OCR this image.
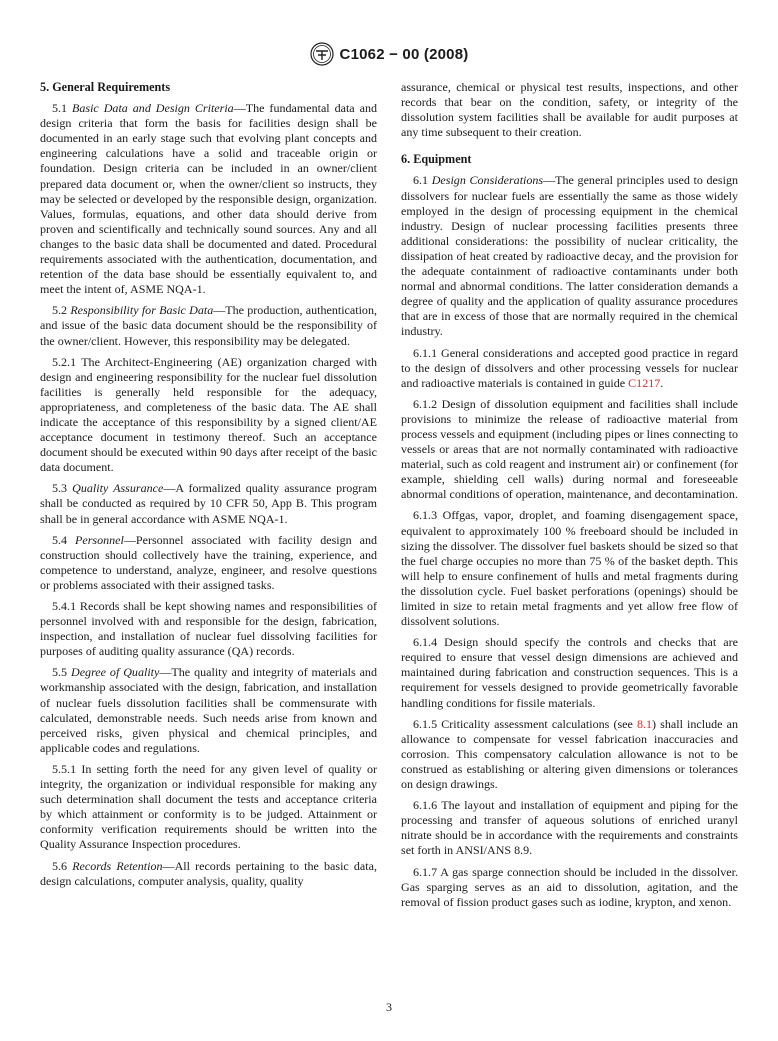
C1062 − 00 (2008)
5. General Requirements

5.1 Basic Data and Design Criteria—The fundamental data and design criteria that form the basis for facilities design shall be documented in an early stage such that evolving plant concepts and engineering calculations have a solid and traceable origin or foundation. Design criteria can be included in an owner/client prepared data document or, when the owner/client so instructs, they may be selected or developed by the responsible design, organization. Values, formulas, equations, and other data should derive from proven and scientifically and technically sound sources. Any and all changes to the basic data shall be documented and dated. Procedural requirements associated with the authentication, documentation, and retention of the data base should be essentially equivalent to, and meet the intent of, ASME NQA-1.

5.2 Responsibility for Basic Data—The production, authentication, and issue of the basic data document should be the responsibility of the owner/client. However, this responsibility may be delegated.

5.2.1 The Architect-Engineering (AE) organization charged with design and engineering responsibility for the nuclear fuel dissolution facilities is generally held responsible for the adequacy, appropriateness, and completeness of the basic data. The AE shall indicate the acceptance of this responsibility by a signed client/AE acceptance document in testimony thereof. Such an acceptance document should be executed within 90 days after receipt of the basic data document.

5.3 Quality Assurance—A formalized quality assurance program shall be conducted as required by 10 CFR 50, App B. This program shall be in general accordance with ASME NQA-1.

5.4 Personnel—Personnel associated with facility design and construction should collectively have the training, experience, and competence to understand, analyze, engineer, and resolve questions or problems associated with their assigned tasks.

5.4.1 Records shall be kept showing names and responsibilities of personnel involved with and responsible for the design, fabrication, inspection, and installation of nuclear fuel dissolving facilities for purposes of auditing quality assurance (QA) records.

5.5 Degree of Quality—The quality and integrity of materials and workmanship associated with the design, fabrication, and installation of nuclear fuels dissolution facilities shall be commensurate with calculated, demonstrable needs. Such needs arise from known and perceived risks, given physical and chemical principles, and applicable codes and regulations.

5.5.1 In setting forth the need for any given level of quality or integrity, the organization or individual responsible for making any such determination shall document the tests and acceptance criteria by which attainment or conformity is to be judged. Attainment or conformity verification requirements should be written into the Quality Assurance Inspection procedures.

5.6 Records Retention—All records pertaining to the basic data, design calculations, computer analysis, quality, quality

assurance, chemical or physical test results, inspections, and other records that bear on the condition, safety, or integrity of the dissolution system facilities shall be available for audit purposes at any time subsequent to their creation.

6. Equipment

6.1 Design Considerations—The general principles used to design dissolvers for nuclear fuels are essentially the same as those widely employed in the design of processing equipment in the chemical industry. Design of nuclear processing facilities presents three additional considerations: the possibility of nuclear criticality, the dissipation of heat created by radioactive decay, and the provision for the adequate containment of radioactive contaminants under both normal and abnormal conditions. The latter consideration demands a degree of quality and the application of quality assurance procedures that are in excess of those that are normally required in the chemical industry.

6.1.1 General considerations and accepted good practice in regard to the design of dissolvers and other processing vessels for nuclear and radioactive materials is contained in guide C1217.

6.1.2 Design of dissolution equipment and facilities shall include provisions to minimize the release of radioactive material from process vessels and equipment (including pipes or lines connecting to vessels or areas that are not normally contaminated with radioactive material, such as cold reagent and instrument air) or confinement (for example, shielding cell walls) during normal and foreseeable abnormal conditions of operation, maintenance, and decontamination.

6.1.3 Offgas, vapor, droplet, and foaming disengagement space, equivalent to approximately 100 % freeboard should be included in sizing the dissolver. The dissolver fuel baskets should be sized so that the fuel charge occupies no more than 75 % of the basket depth. This will help to ensure confinement of hulls and metal fragments during the dissolution cycle. Fuel basket perforations (openings) should be limited in size to retain metal fragments and yet allow free flow of dissolvent solutions.

6.1.4 Design should specify the controls and checks that are required to ensure that vessel design dimensions are achieved and maintained during fabrication and construction sequences. This is a requirement for vessels designed to provide geometrically favorable handling conditions for fissile materials.

6.1.5 Criticality assessment calculations (see 8.1) shall include an allowance to compensate for vessel fabrication inaccuracies and corrosion. This compensatory calculation allowance is not to be construed as establishing or altering given dimensions or tolerances on design drawings.

6.1.6 The layout and installation of equipment and piping for the processing and transfer of aqueous solutions of enriched uranyl nitrate should be in accordance with the requirements and constraints set forth in ANSI/ANS 8.9.

6.1.7 A gas sparge connection should be included in the dissolver. Gas sparging serves as an aid to dissolution, agitation, and the removal of fission product gases such as iodine, krypton, and xenon.

3
